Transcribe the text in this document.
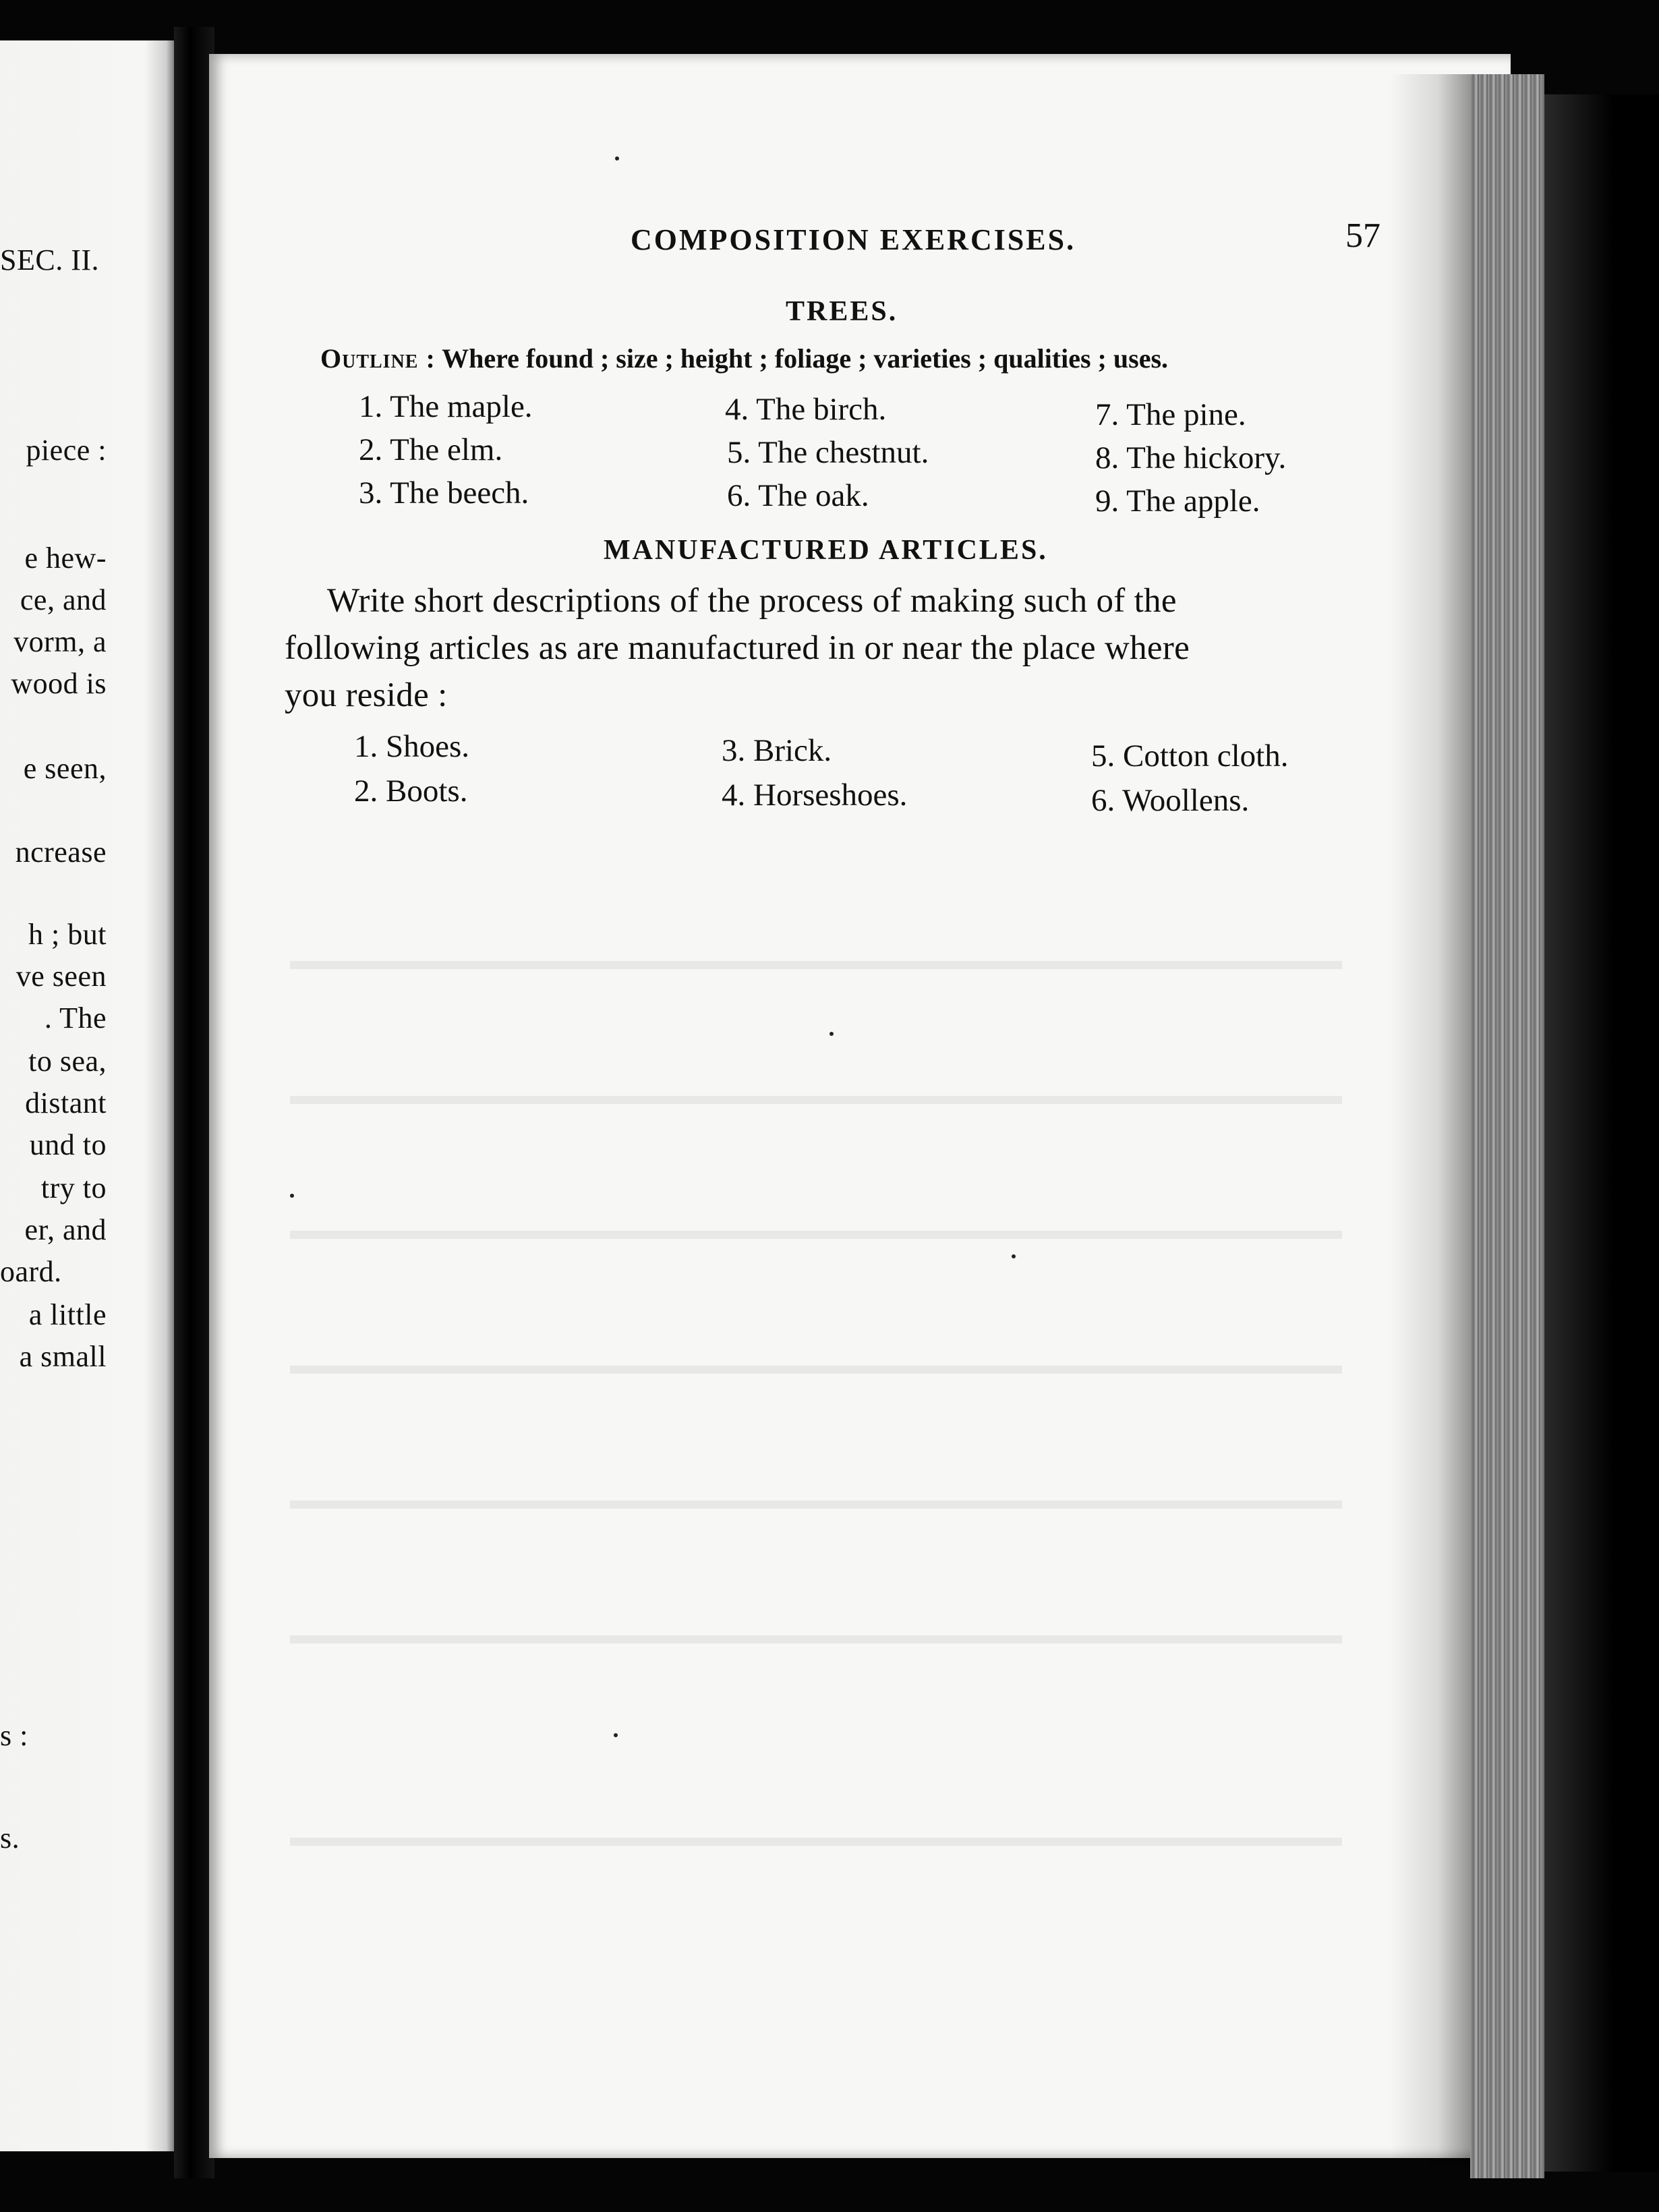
SEC. II.
piece :
e hew-
ce, and
vorm, a
wood is
e seen,
ncrease
h ; but
ve seen
. The
to sea,
distant
und to
try to
er, and
oard.
a little
a small
s :
s.
▬▬▬▬▬▬▬▬▬▬▬▬▬▬▬▬▬▬▬▬▬▬▬▬▬▬▬▬▬▬▬▬▬▬▬▬▬▬▬
▬▬▬▬▬▬▬▬▬▬▬▬▬▬▬▬▬▬▬▬▬▬▬▬▬▬▬▬▬▬▬▬▬▬▬▬▬▬▬
▬▬▬▬▬▬▬▬▬▬▬▬▬▬▬▬▬▬▬▬▬▬▬▬▬▬▬▬▬▬▬▬▬▬▬▬▬▬▬
▬▬▬▬▬▬▬▬▬▬▬▬▬▬▬▬▬▬▬▬▬▬▬▬▬▬▬▬▬▬▬▬▬▬▬▬▬▬▬
▬▬▬▬▬▬▬▬▬▬▬▬▬▬▬▬▬▬▬▬▬▬▬▬▬▬▬▬▬▬▬▬▬▬▬▬▬▬▬
▬▬▬▬▬▬▬▬▬▬▬▬▬▬▬▬▬▬▬▬▬▬▬▬▬▬▬▬▬▬▬▬▬▬▬▬▬▬▬
▬▬▬▬▬▬▬▬▬▬▬▬▬▬▬▬▬▬▬▬▬▬▬▬▬▬▬▬▬▬▬▬▬▬▬▬▬▬▬
COMPOSITION EXERCISES.	57
TREES.
Outline : Where found ; size ; height ; foliage ; varieties ; qualities ; uses.
1. The maple.
2. The elm.
3. The beech.
4. The birch.
5. The chestnut.
6. The oak.
7. The pine.
8. The hickory.
9. The apple.
MANUFACTURED ARTICLES.
Write short descriptions of the process of making such of the
following articles as are manufactured in or near the place where
you reside :
1. Shoes.
2. Boots.
3. Brick.
4. Horseshoes.
5. Cotton cloth.
6. Woollens.
